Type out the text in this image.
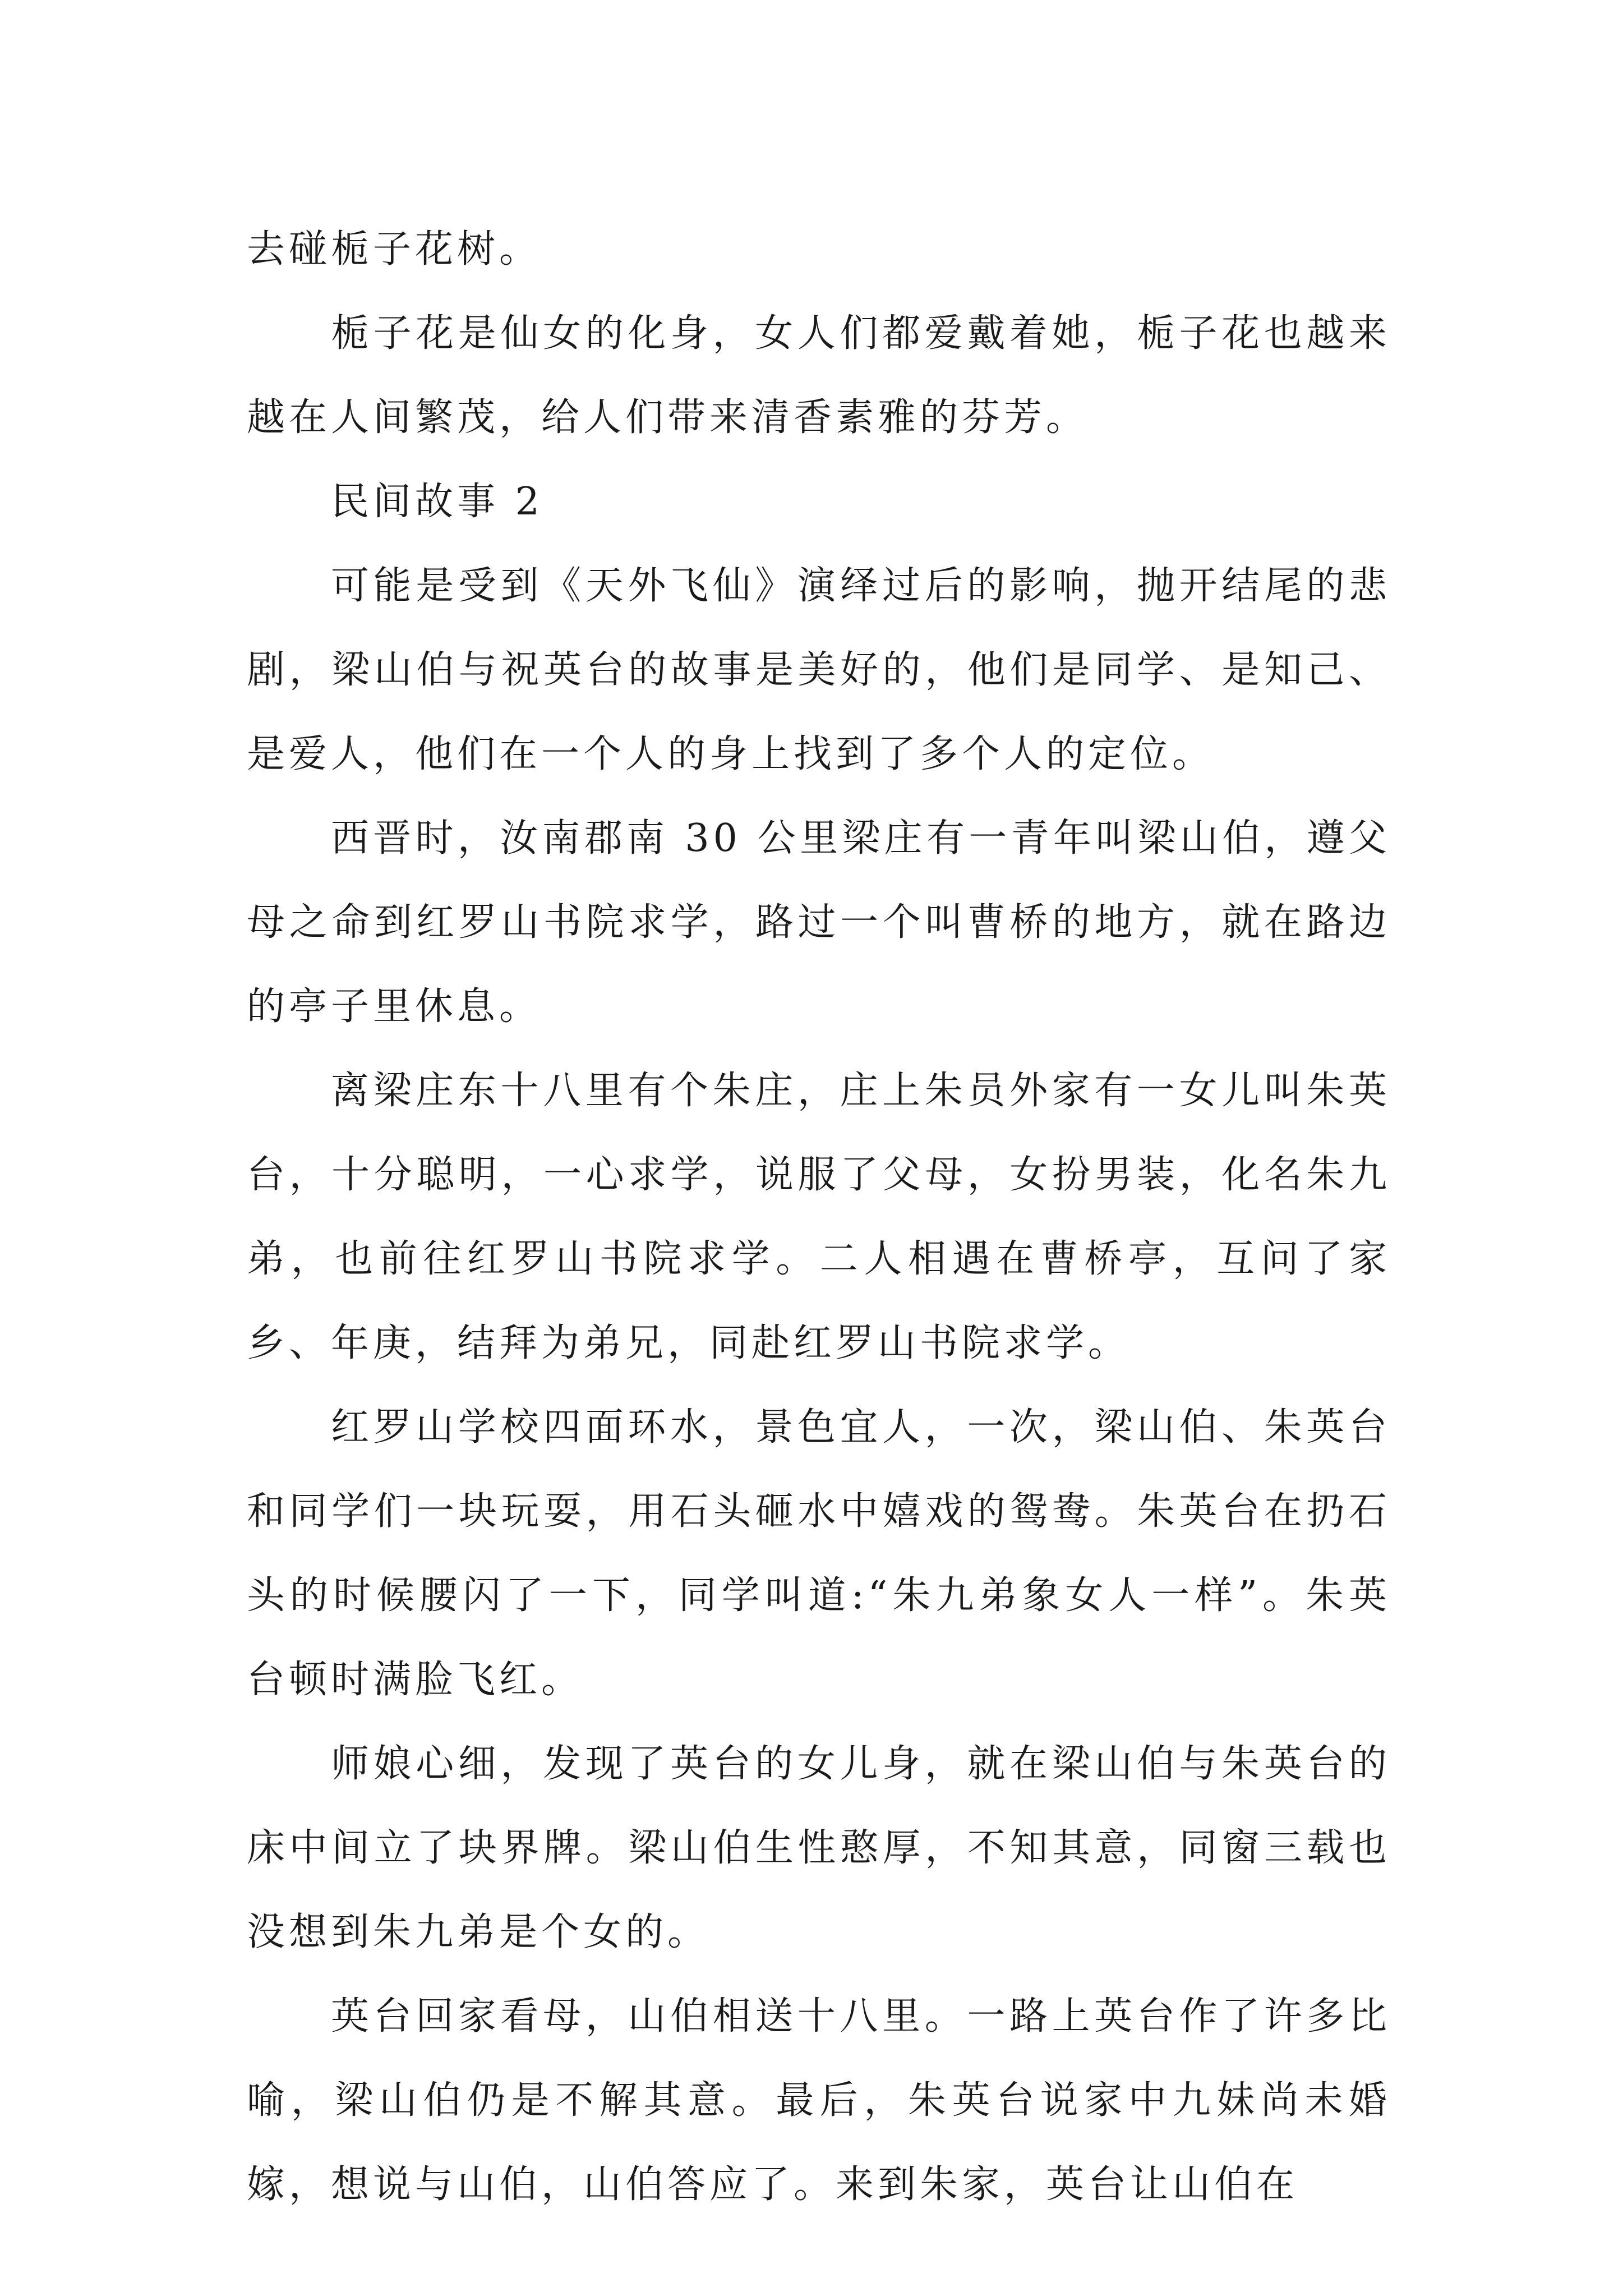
去碰栀子花树。

栀子花是仙女的化身，女人们都爱戴着她，栀子花也越来越在人间繁茂，给人们带来清香素雅的芬芳。

民间故事 2

可能是受到《天外飞仙》演绎过后的影响，抛开结尾的悲剧，梁山伯与祝英台的故事是美好的，他们是同学、是知己、是爱人，他们在一个人的身上找到了多个人的定位。

西晋时，汝南郡南 30 公里梁庄有一青年叫梁山伯，遵父母之命到红罗山书院求学，路过一个叫曹桥的地方，就在路边的亭子里休息。

离梁庄东十八里有个朱庄，庄上朱员外家有一女儿叫朱英台，十分聪明，一心求学，说服了父母，女扮男装，化名朱九弟，也前往红罗山书院求学。二人相遇在曹桥亭，互问了家乡、年庚，结拜为弟兄，同赴红罗山书院求学。

红罗山学校四面环水，景色宜人，一次，梁山伯、朱英台和同学们一块玩耍，用石头砸水中嬉戏的鸳鸯。朱英台在扔石头的时候腰闪了一下，同学叫道:“朱九弟象女人一样”。朱英台顿时满脸飞红。

师娘心细，发现了英台的女儿身，就在梁山伯与朱英台的床中间立了块界牌。梁山伯生性憨厚，不知其意，同窗三载也没想到朱九弟是个女的。

英台回家看母，山伯相送十八里。一路上英台作了许多比喻，梁山伯仍是不解其意。最后，朱英台说家中九妹尚未婚嫁，想说与山伯，山伯答应了。来到朱家，英台让山伯在
